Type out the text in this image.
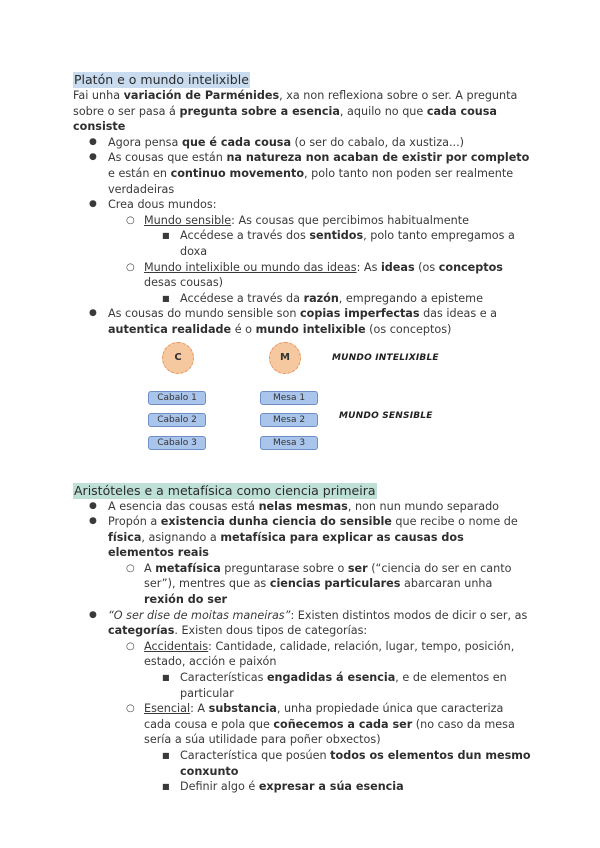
Platón e o mundo intelixible

Fai unha variación de Parménides, xa non reflexiona sobre o ser. A pregunta sobre o ser pasa á pregunta sobre a esencia, aquilo no que cada cousa consiste

● Agora pensa que é cada cousa (o ser do cabalo, da xustiza...)
● As cousas que están na natureza non acaban de existir por completo e están en continuo movemento, polo tanto non poden ser realmente verdadeiras
● Crea dous mundos:
○ Mundo sensible: As cousas que percibimos habitualmente
■ Accédese a través dos sentidos, polo tanto empregamos a doxa
○ Mundo intelixible ou mundo das ideas: As ideas (os conceptos desas cousas)
■ Accédese a través da razón, empregando a episteme
● As cousas do mundo sensible son copias imperfectas das ideas e a autentica realidade é o mundo intelixible (os conceptos)
C	M	MUNDO INTELIXIBLE
Cabalo 1
Cabalo 2
Cabalo 3
Mesa 1
Mesa 2
Mesa 3
MUNDO SENSIBLE
Aristóteles e a metafísica como ciencia primeira
● A esencia das cousas está nelas mesmas, non nun mundo separado
● Propón a existencia dunha ciencia do sensible que recibe o nome de física, asignando a metafísica para explicar as causas dos elementos reais
○ A metafísica preguntarase sobre o ser (“ciencia do ser en canto ser”), mentres que as ciencias particulares abarcaran unha rexión do ser
● “O ser dise de moitas maneiras”: Existen distintos modos de dicir o ser, as categorías. Existen dous tipos de categorías:
○ Accidentais: Cantidade, calidade, relación, lugar, tempo, posición, estado, acción e paixón
■ Características engadidas á esencia, e de elementos en particular
○ Esencial: A substancia, unha propiedade única que caracteriza cada cousa e pola que coñecemos a cada ser (no caso da mesa sería a súa utilidade para poñer obxectos)
■ Característica que posúen todos os elementos dun mesmo conxunto
■ Definir algo é expresar a súa esencia
